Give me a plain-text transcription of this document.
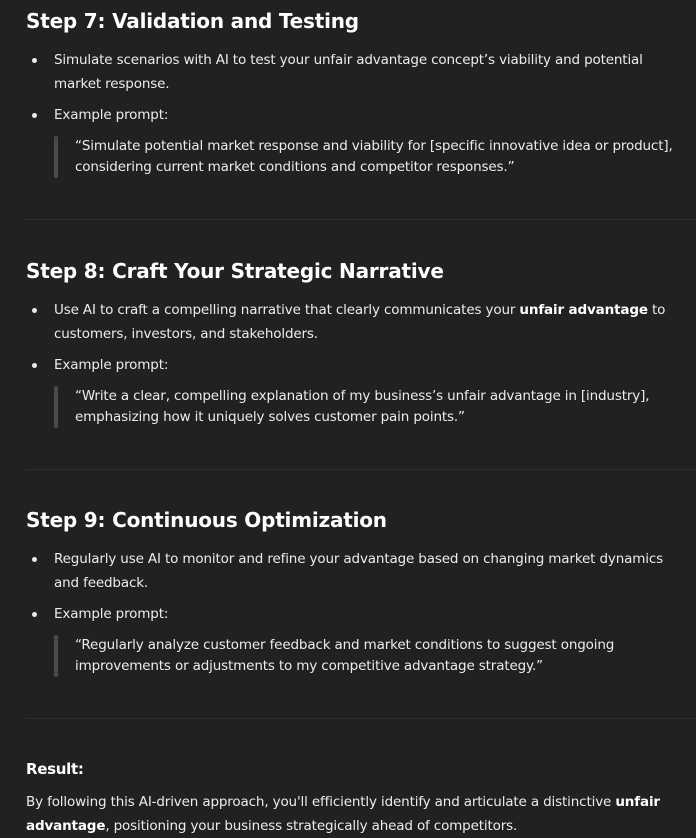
Step 7: Validation and Testing
Simulate scenarios with AI to test your unfair advantage concept’s viability and potential market response.
Example prompt:
“Simulate potential market response and viability for [specific innovative idea or product], considering current market conditions and competitor responses.”
Step 8: Craft Your Strategic Narrative
Use AI to craft a compelling narrative that clearly communicates your unfair advantage to customers, investors, and stakeholders.
Example prompt:
“Write a clear, compelling explanation of my business’s unfair advantage in [industry], emphasizing how it uniquely solves customer pain points.”
Step 9: Continuous Optimization
Regularly use AI to monitor and refine your advantage based on changing market dynamics and feedback.
Example prompt:
“Regularly analyze customer feedback and market conditions to suggest ongoing improvements or adjustments to my competitive advantage strategy.”
Result:

By following this AI-driven approach, you'll efficiently identify and articulate a distinctive unfair advantage, positioning your business strategically ahead of competitors.
